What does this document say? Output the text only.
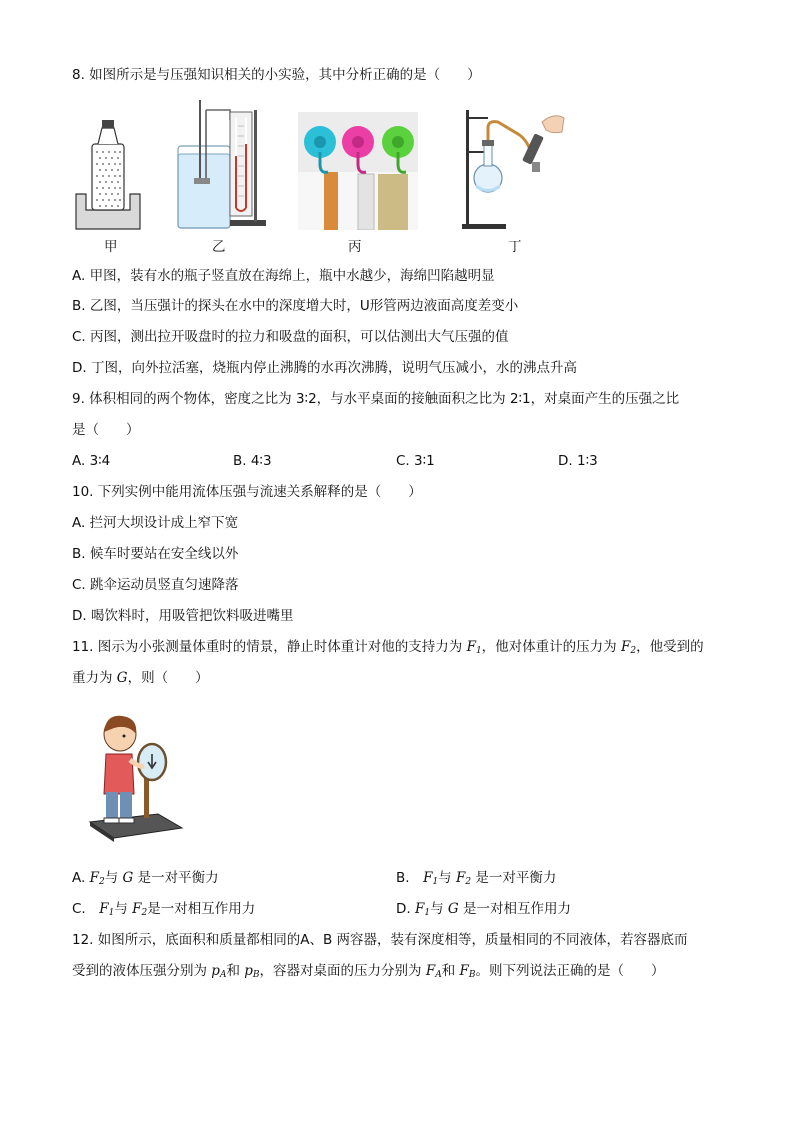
8. 如图所示是与压强知识相关的小实验，其中分析正确的是（　　）
甲	乙	丙	丁
A. 甲图，装有水的瓶子竖直放在海绵上，瓶中水越少，海绵凹陷越明显
B. 乙图，当压强计的探头在水中的深度增大时，U形管两边液面高度差变小
C. 丙图，测出拉开吸盘时的拉力和吸盘的面积，可以估测出大气压强的值
D. 丁图，向外拉活塞，烧瓶内停止沸腾的水再次沸腾，说明气压减小，水的沸点升高
9. 体积相同的两个物体，密度之比为 3∶2，与水平桌面的接触面积之比为 2∶1，对桌面产生的压强之比
是（　　）
A. 3∶4	B. 4∶3	C. 3∶1	D. 1∶3
10. 下列实例中能用流体压强与流速关系解释的是（　　）
A. 拦河大坝设计成上窄下宽
B. 候车时要站在安全线以外
C. 跳伞运动员竖直匀速降落
D. 喝饮料时，用吸管把饮料吸进嘴里
11. 图示为小张测量体重时的情景，静止时体重计对他的支持力为 $F_1$，他对体重计的压力为 $F_2$，他受到的
重力为 G，则（　　）
A. $F_2$与 G 是一对平衡力	B.　$F_1$与 $F_2$ 是一对平衡力
C.　$F_1$与 $F_2$是一对相互作用力	D. $F_1$与 G 是一对相互作用力
12. 如图所示，底面积和质量都相同的A、B 两容器，装有深度相等，质量相同的不同液体，若容器底而
受到的液体压强分别为 $p_A$和 $p_B$，容器对桌面的压力分别为 $F_A$和 $F_B$。则下列说法正确的是（　　）
